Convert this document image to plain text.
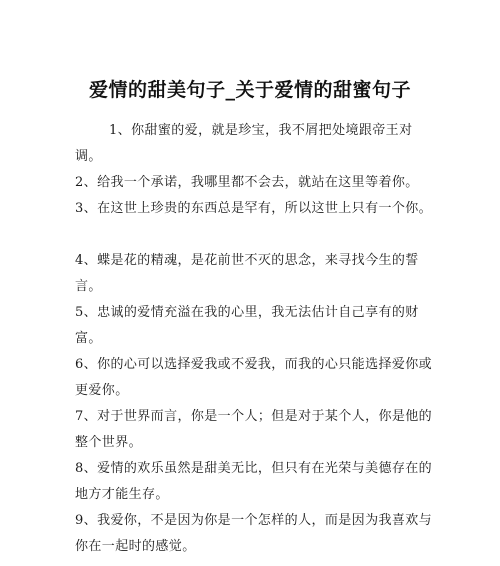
爱情的甜美句子_关于爱情的甜蜜句子

1、你甜蜜的爱，就是珍宝，我不屑把处境跟帝王对调。

2、给我一个承诺，我哪里都不会去，就站在这里等着你。

3、在这世上珍贵的东西总是罕有，所以这世上只有一个你。

4、蝶是花的精魂，是花前世不灭的思念，来寻找今生的誓言。

5、忠诚的爱情充溢在我的心里，我无法估计自己享有的财富。

6、你的心可以选择爱我或不爱我，而我的心只能选择爱你或更爱你。

7、对于世界而言，你是一个人；但是对于某个人，你是他的整个世界。

8、爱情的欢乐虽然是甜美无比，但只有在光荣与美德存在的地方才能生存。

9、我爱你，不是因为你是一个怎样的人，而是因为我喜欢与你在一起时的感觉。
